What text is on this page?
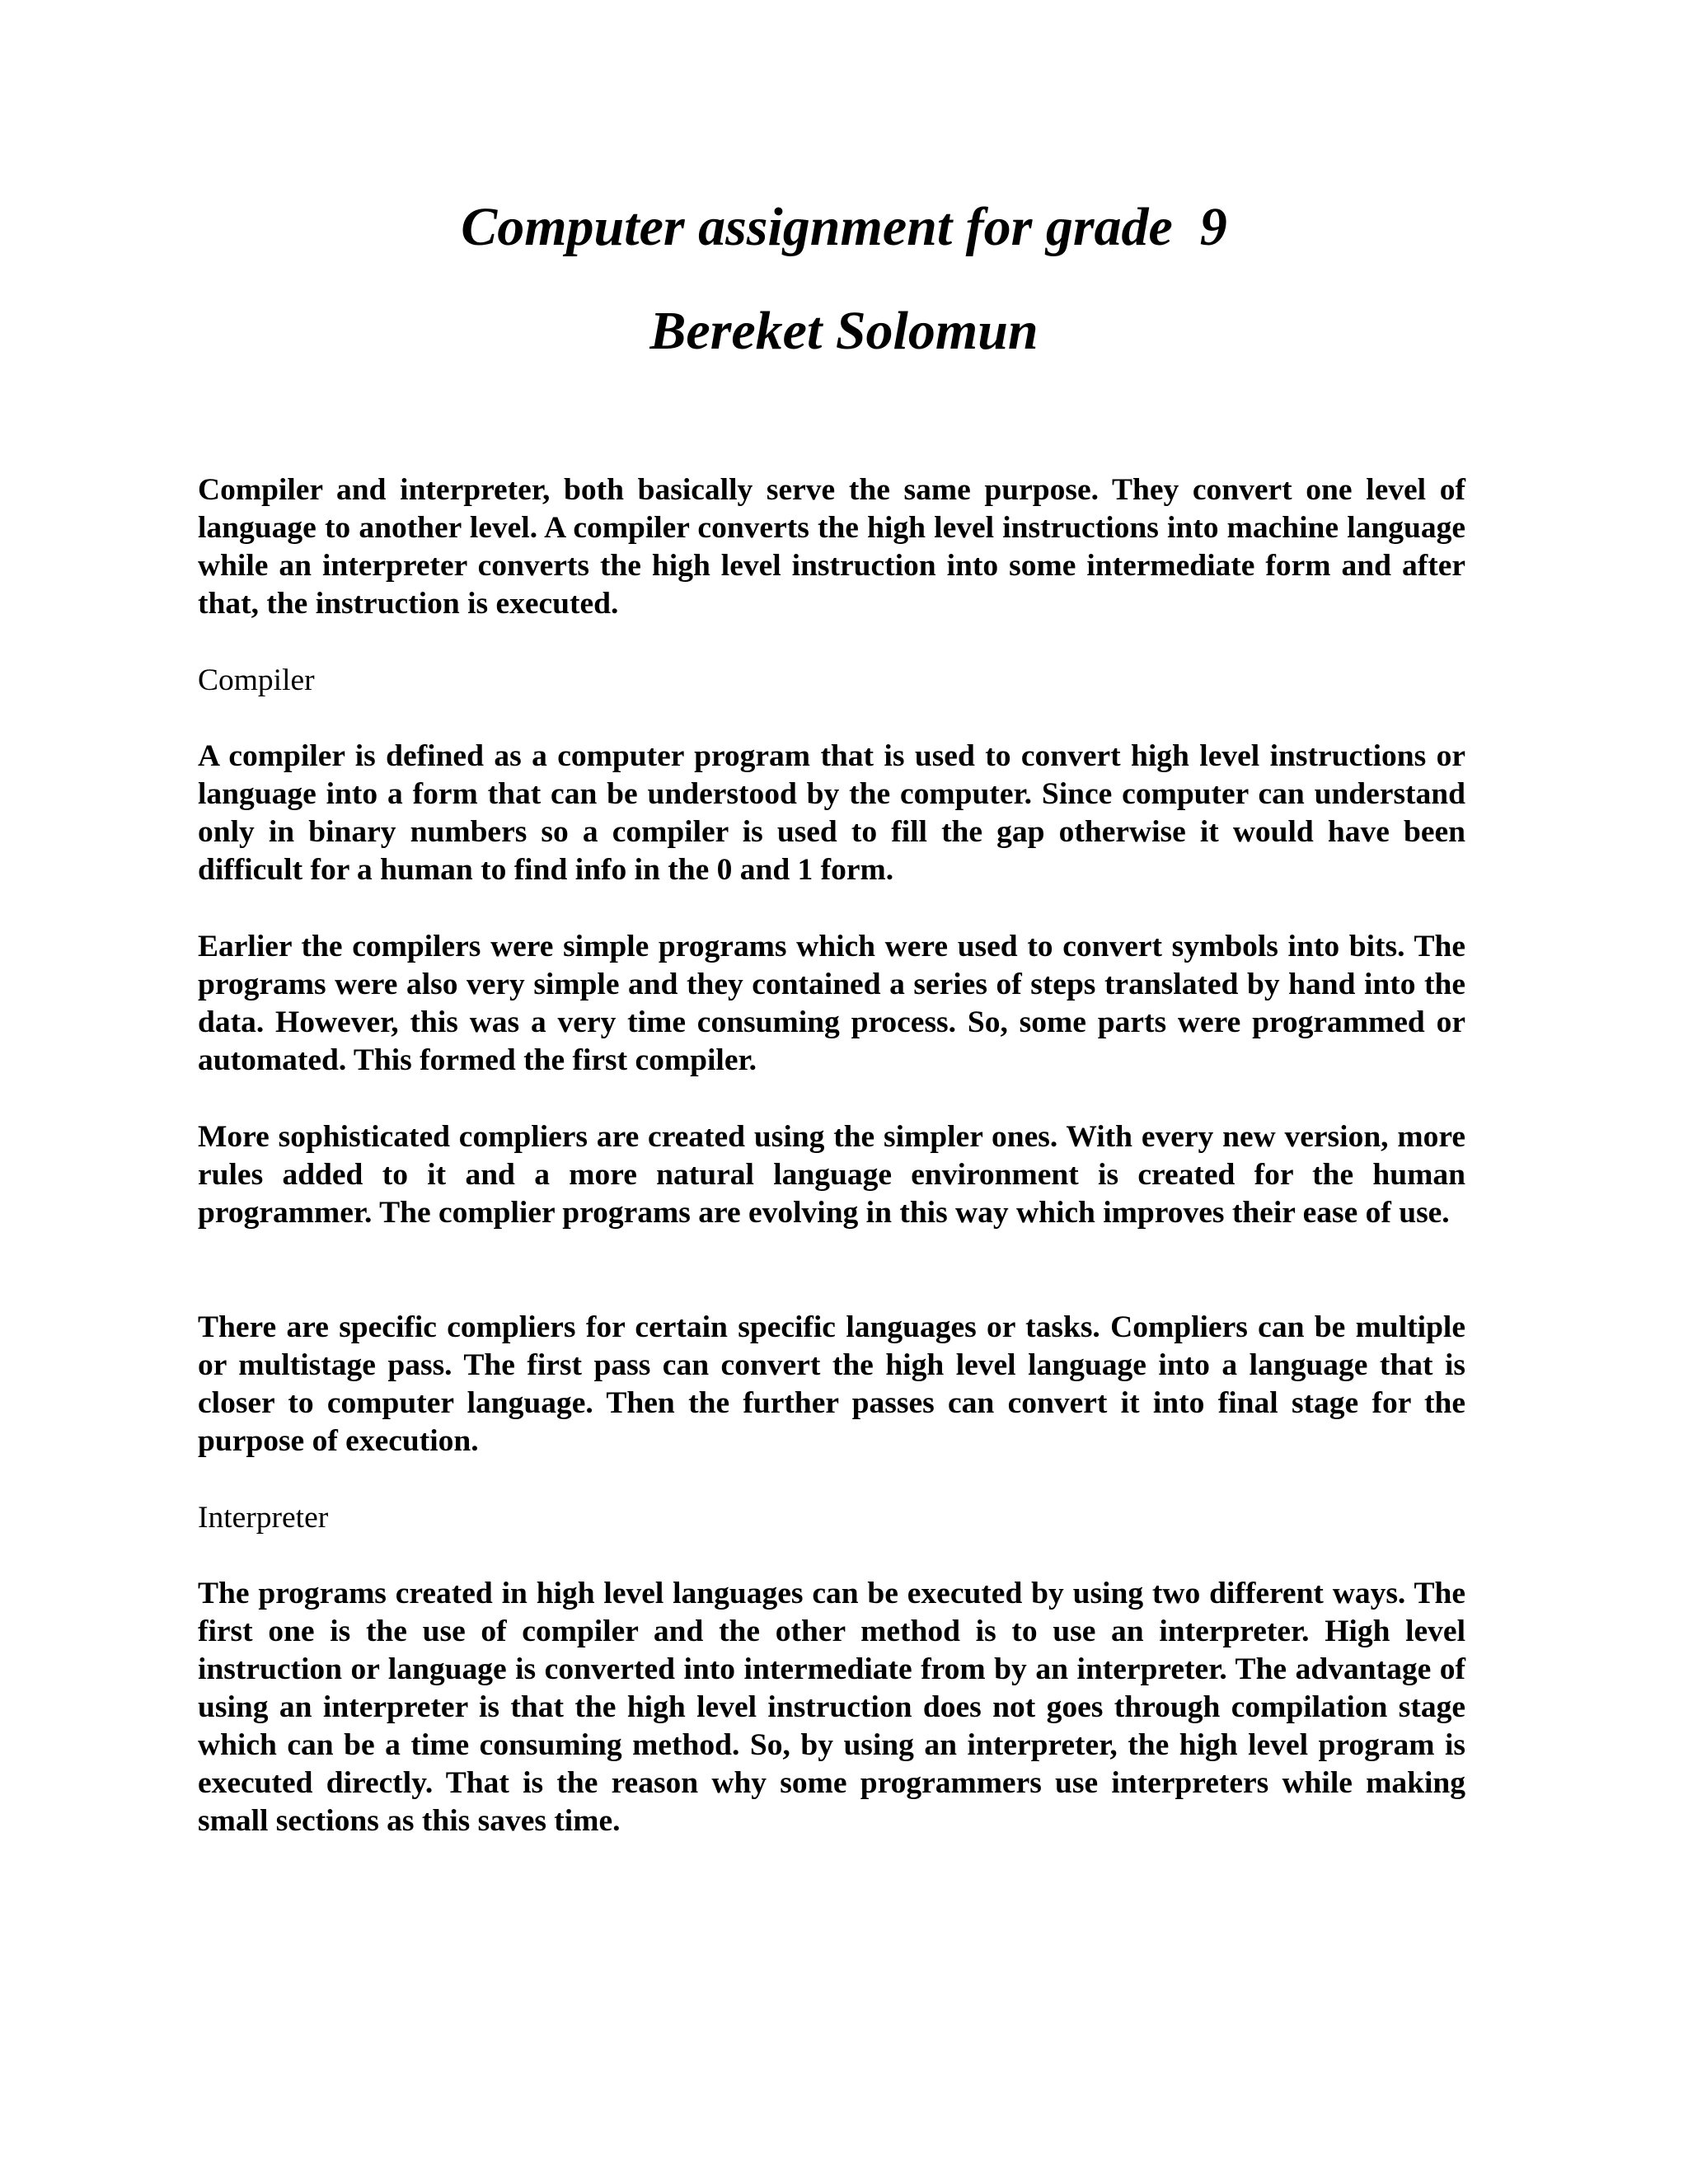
Computer assignment for grade  9
Bereket Solomun

Compiler and interpreter, both basically serve the same purpose. They convert one level of language to another level. A compiler converts the high level instructions into machine language while an interpreter converts the high level instruction into some intermediate form and after that, the instruction is executed.

Compiler

A compiler is defined as a computer program that is used to convert high level instructions or language into a form that can be understood by the computer. Since computer can understand only in binary numbers so a compiler is used to fill the gap otherwise it would have been difficult for a human to find info in the 0 and 1 form.

Earlier the compilers were simple programs which were used to convert symbols into bits. The programs were also very simple and they contained a series of steps translated by hand into the data. However, this was a very time consuming process. So, some parts were programmed or automated. This formed the first compiler.

More sophisticated compliers are created using the simpler ones. With every new version, more rules added to it and a more natural language environment is created for the human programmer. The complier programs are evolving in this way which improves their ease of use.

There are specific compliers for certain specific languages or tasks. Compliers can be multiple or multistage pass. The first pass can convert the high level language into a language that is closer to computer language. Then the further passes can convert it into final stage for the purpose of execution.

Interpreter

The programs created in high level languages can be executed by using two different ways. The first one is the use of compiler and the other method is to use an interpreter. High level instruction or language is converted into intermediate from by an interpreter. The advantage of using an interpreter is that the high level instruction does not goes through compilation stage which can be a time consuming method. So, by using an interpreter, the high level program is executed directly. That is the reason why some programmers use interpreters while making small sections as this saves time.
